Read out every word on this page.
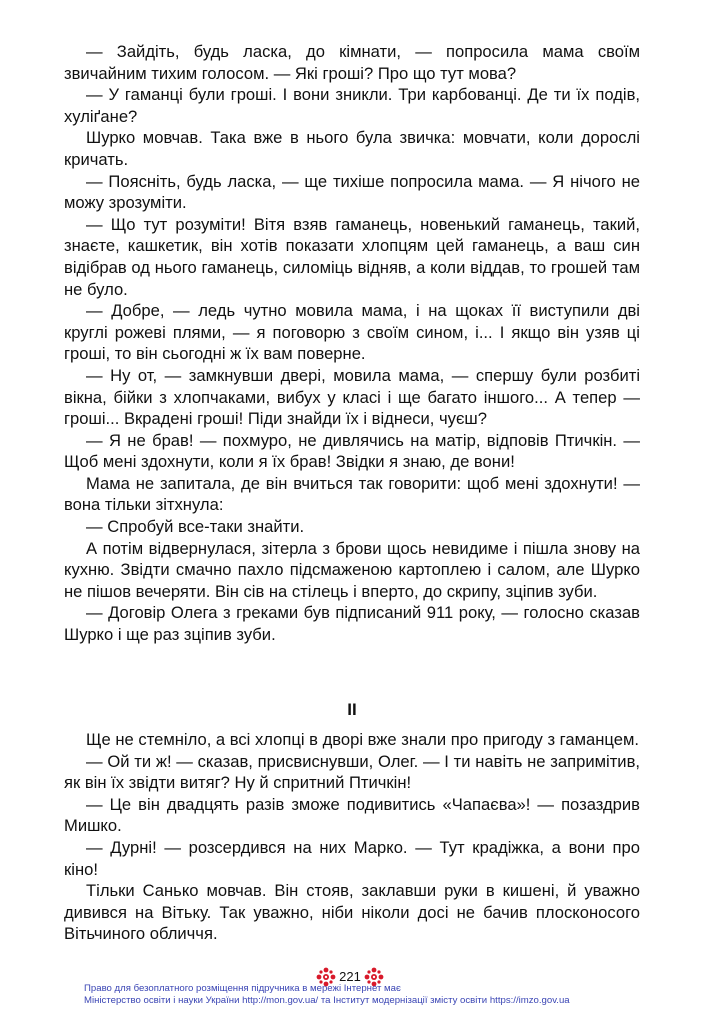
— Зайдіть, будь ласка, до кімнати, — попросила мама своїм звичайним тихим голосом. — Які гроші? Про що тут мова?

— У гаманці були гроші. І вони зникли. Три карбованці. Де ти їх подів, хуліґане?

Шурко мовчав. Така вже в нього була звичка: мовчати, коли дорослі кричать.

— Поясніть, будь ласка, — ще тихіше попросила мама. — Я нічого не можу зрозуміти.

— Що тут розуміти! Вітя взяв гаманець, новенький гаманець, такий, знаєте, кашкетик, він хотів показати хлопцям цей гаманець, а ваш син відібрав од нього гаманець, силоміць відняв, а коли віддав, то грошей там не було.

— Добре, — ледь чутно мовила мама, і на щоках її виступили дві круглі рожеві плями, — я поговорю з своїм сином, і... І якщо він узяв ці гроші, то він сьогодні ж їх вам поверне.

— Ну от, — замкнувши двері, мовила мама, — спершу були розбиті вікна, бійки з хлопчаками, вибух у класі і ще багато іншого... А тепер — гроші... Вкрадені гроші! Піди знайди їх і віднеси, чуєш?

— Я не брав! — похмуро, не дивлячись на матір, відповів Птичкін. — Щоб мені здохнути, коли я їх брав! Звідки я знаю, де вони!

Мама не запитала, де він вчиться так говорити: щоб мені здохнути! — вона тільки зітхнула:

— Спробуй все-таки знайти.

А потім відвернулася, зітерла з брови щось невидиме і пішла знову на кухню. Звідти смачно пахло підсмаженою картоплею і салом, але Шурко не пішов вечеряти. Він сів на стілець і вперто, до скрипу, зціпив зуби.

— Договір Олега з греками був підписаний 911 року, — голосно сказав Шурко і ще раз зціпив зуби.

II

Ще не стемніло, а всі хлопці в дворі вже знали про пригоду з гаманцем.

— Ой ти ж! — сказав, присвиснувши, Олег. — І ти навіть не запримітив, як він їх звідти витяг? Ну й спритний Птичкін!

— Це він двадцять разів зможе подивитись «Чапаєва»! — позаздрив Мишко.

— Дурні! — розсердився на них Марко. — Тут крадіжка, а вони про кіно!

Тільки Санько мовчав. Він стояв, заклавши руки в кишені, й уважно дивився на Вітьку. Так уважно, ніби ніколи досі не бачив плосконосого Вітьчиного обличчя.

221
Право для безоплатного розміщення підручника в мережі Інтернет має
Міністерство освіти і науки України http://mon.gov.ua/ та Інститут модернізації змісту освіти https://imzo.gov.ua
